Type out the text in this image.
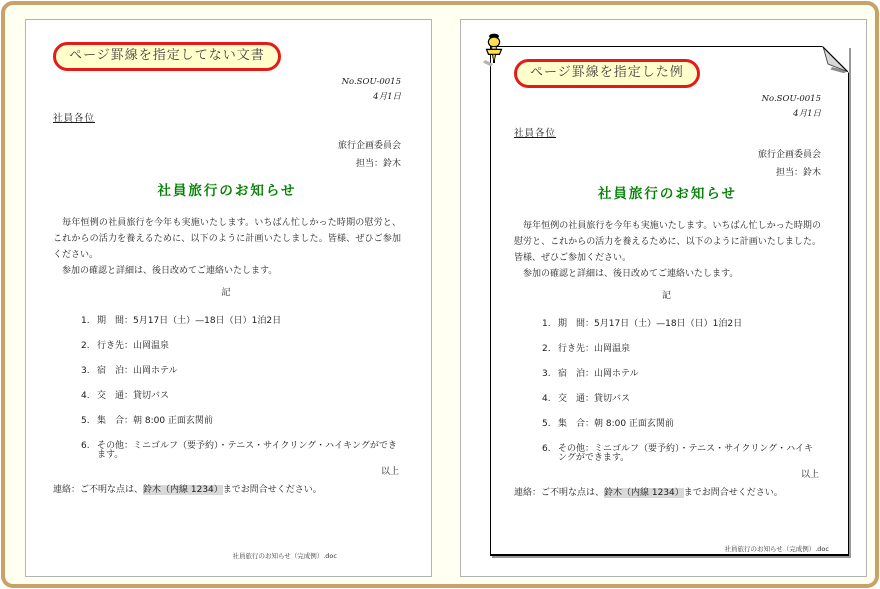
ページ罫線を指定してない文書
No.SOU-0015
4月1日
社員各位
旅行企画委員会
担当：鈴木
社員旅行のお知らせ
　毎年恒例の社員旅行を今年も実施いたします。いちばん忙しかった時期の慰労と、これからの活力を養えるために、以下のように計画いたしました。皆様、ぜひご参加ください。
　参加の確認と詳細は、後日改めてご連絡いたします。
記
1. 期　間：5月17日（土）—18日（日）1泊2日
2. 行き先：山岡温泉
3. 宿　泊：山岡ホテル
4. 交　通：貸切バス
5. 集　合：朝 8:00 正面玄関前
6. その他：ミニゴルフ（要予約）・テニス・サイクリング・ハイキングができます。
以上
連絡：ご不明な点は、鈴木（内線 1234）までお問合せください。
社員旅行のお知らせ（完成例）.doc
ページ罫線を指定した例
No.SOU-0015
4月1日
社員各位
旅行企画委員会
担当：鈴木
社員旅行のお知らせ
　毎年恒例の社員旅行を今年も実施いたします。いちばん忙しかった時期の慰労と、これからの活力を養えるために、以下のように計画いたしました。皆様、ぜひご参加ください。
　参加の確認と詳細は、後日改めてご連絡いたします。
記
1. 期　間：5月17日（土）—18日（日）1泊2日
2. 行き先：山岡温泉
3. 宿　泊：山岡ホテル
4. 交　通：貸切バス
5. 集　合：朝 8:00 正面玄関前
6. その他：ミニゴルフ（要予約）・テニス・サイクリング・ハイキングができます。
以上
連絡：ご不明な点は、鈴木（内線 1234）までお問合せください。
社員旅行のお知らせ（完成例）.doc
